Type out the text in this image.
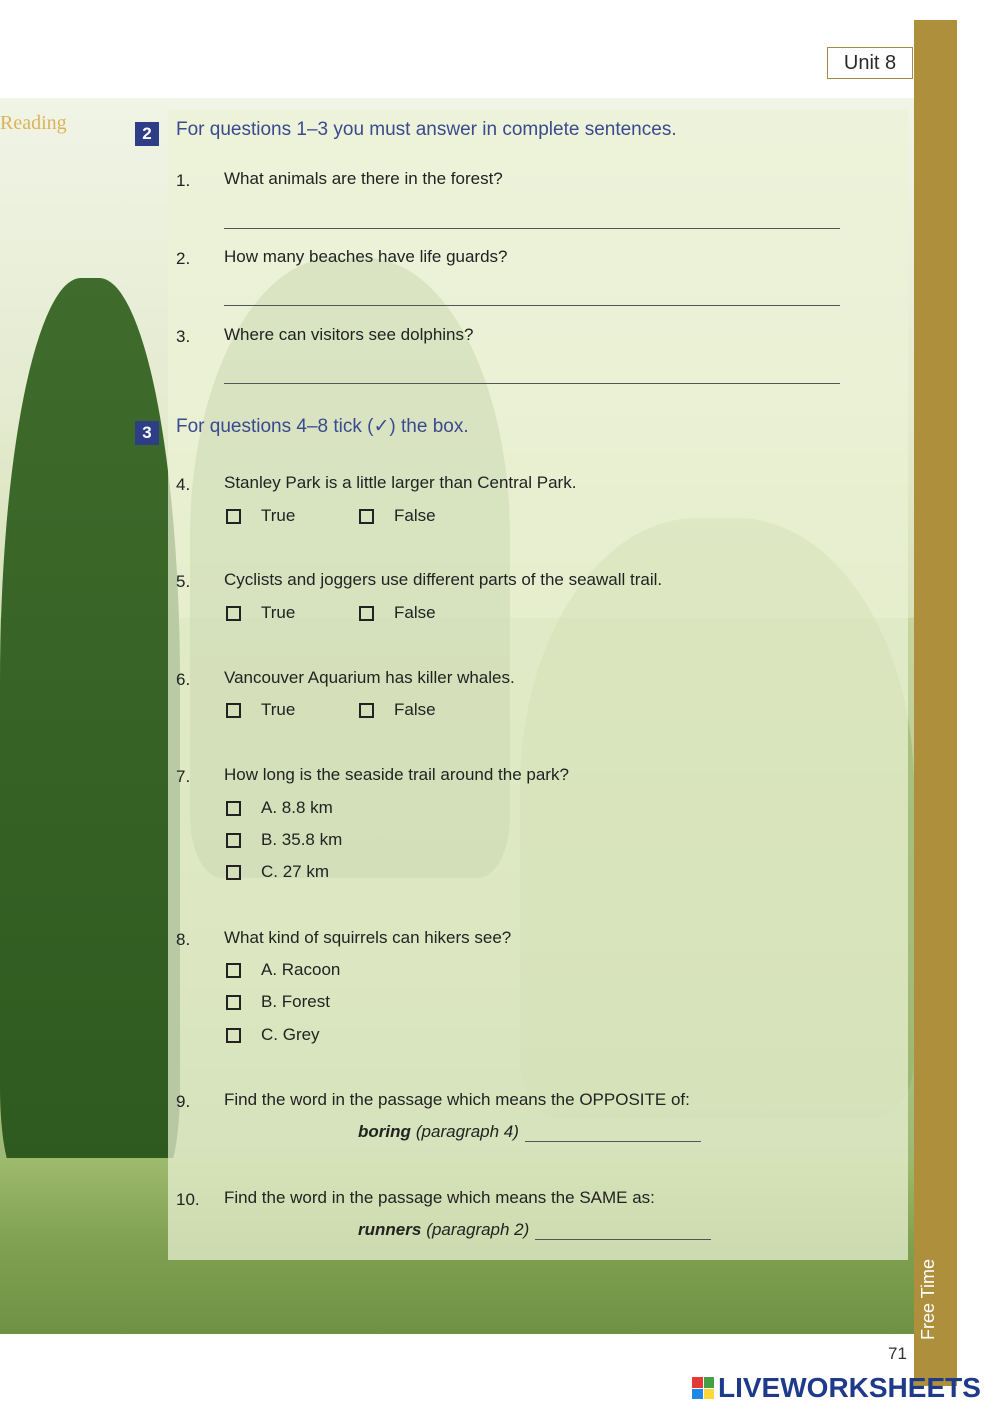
Reading
Free Time
Unit 8
2	For questions 1–3 you must answer in complete sentences.
1. What animals are there in the forest?
2. How many beaches have life guards?
3. Where can visitors see dolphins?
3	For questions 4–8 tick (✓) the box.
4. Stanley Park is a little larger than Central Park.
True	False
5. Cyclists and joggers use different parts of the seawall trail.
True	False
6. Vancouver Aquarium has killer whales.
True	False
7. How long is the seaside trail around the park?
A. 8.8 km
B. 35.8 km
C. 27 km
8. What kind of squirrels can hikers see?
A. Racoon
B. Forest
C. Grey
9. Find the word in the passage which means the OPPOSITE of:
boring (paragraph 4)
10. Find the word in the passage which means the SAME as:
runners (paragraph 2)
71
LIVEWORKSHEETS
